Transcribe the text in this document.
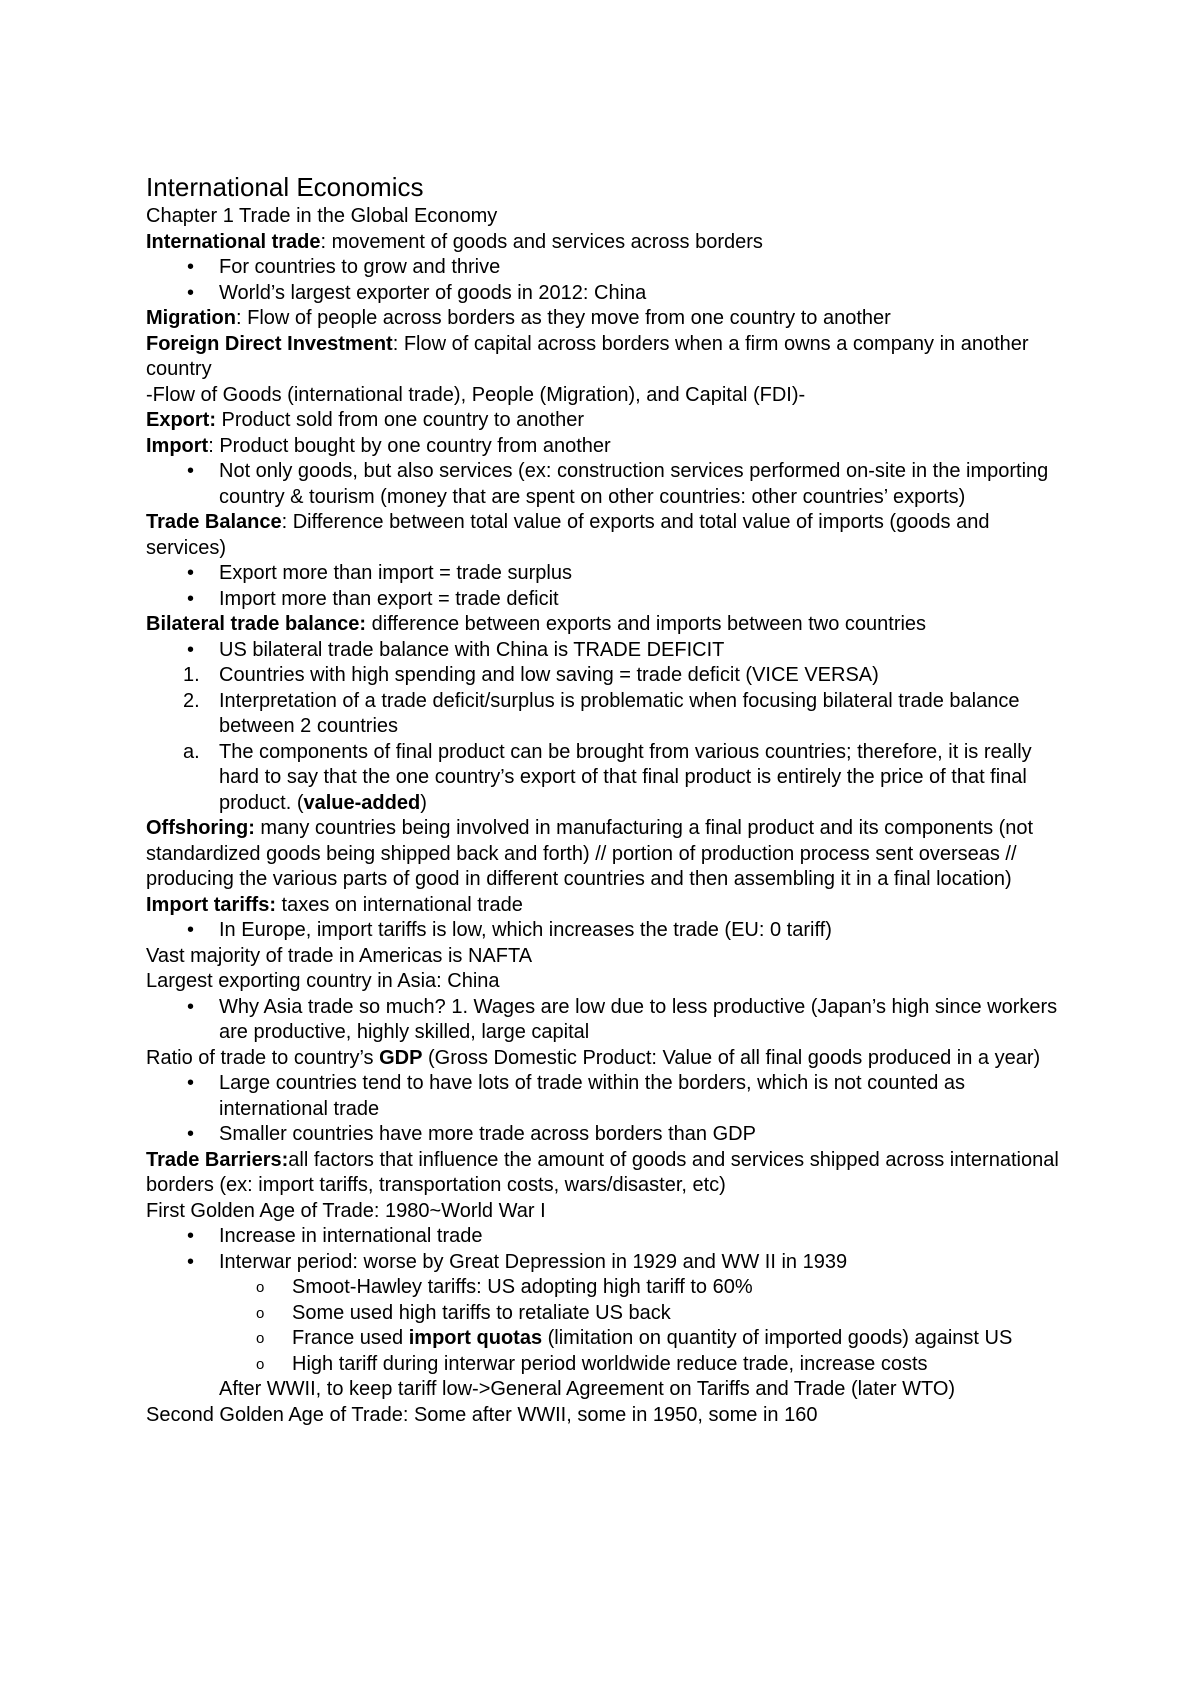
International Economics
Chapter 1 Trade in the Global Economy
International trade: movement of goods and services across borders
• For countries to grow and thrive
• World’s largest exporter of goods in 2012: China
Migration: Flow of people across borders as they move from one country to another
Foreign Direct Investment: Flow of capital across borders when a firm owns a company in another country
-Flow of Goods (international trade), People (Migration), and Capital (FDI)-
Export: Product sold from one country to another
Import: Product bought by one country from another
• Not only goods, but also services (ex: construction services performed on-site in the importing country & tourism (money that are spent on other countries: other countries’ exports)
Trade Balance: Difference between total value of exports and total value of imports (goods and services)
• Export more than import = trade surplus
• Import more than export = trade deficit
Bilateral trade balance: difference between exports and imports between two countries
• US bilateral trade balance with China is TRADE DEFICIT
1. Countries with high spending and low saving = trade deficit (VICE VERSA)
2. Interpretation of a trade deficit/surplus is problematic when focusing bilateral trade balance between 2 countries
a. The components of final product can be brought from various countries; therefore, it is really hard to say that the one country’s export of that final product is entirely the price of that final product. (value-added)
Offshoring: many countries being involved in manufacturing a final product and its components (not standardized goods being shipped back and forth) // portion of production process sent overseas // producing the various parts of good in different countries and then assembling it in a final location)
Import tariffs: taxes on international trade
• In Europe, import tariffs is low, which increases the trade (EU: 0 tariff)
Vast majority of trade in Americas is NAFTA
Largest exporting country in Asia: China
• Why Asia trade so much? 1. Wages are low due to less productive (Japan’s high since workers are productive, highly skilled, large capital
Ratio of trade to country’s GDP (Gross Domestic Product: Value of all final goods produced in a year)
• Large countries tend to have lots of trade within the borders, which is not counted as international trade
• Smaller countries have more trade across borders than GDP
Trade Barriers:all factors that influence the amount of goods and services shipped across international borders (ex: import tariffs, transportation costs, wars/disaster, etc)
First Golden Age of Trade: 1980~World War I
• Increase in international trade
• Interwar period: worse by Great Depression in 1929 and WW II in 1939
o Smoot-Hawley tariffs: US adopting high tariff to 60%
o Some used high tariffs to retaliate US back
o France used import quotas (limitation on quantity of imported goods) against US
o High tariff during interwar period worldwide reduce trade, increase costs
After WWII, to keep tariff low->General Agreement on Tariffs and Trade (later WTO)
Second Golden Age of Trade: Some after WWII, some in 1950, some in 160
